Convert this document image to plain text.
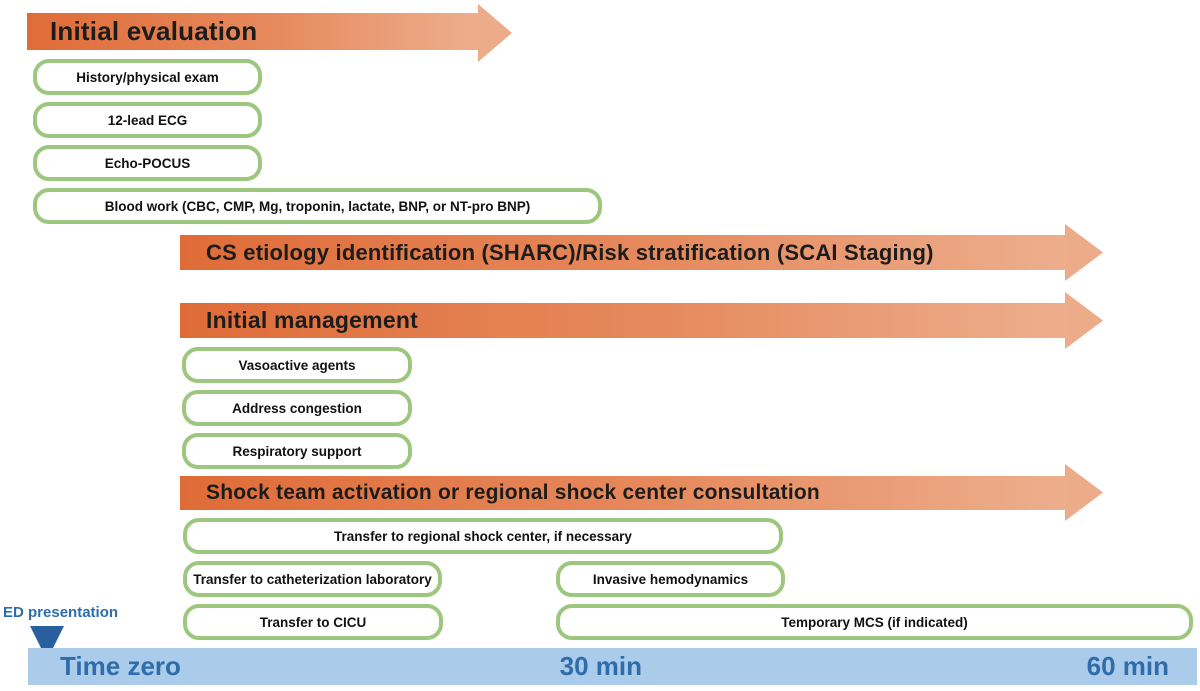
Initial evaluation
History/physical exam
12-lead ECG
Echo-POCUS
Blood work (CBC, CMP, Mg, troponin, lactate, BNP, or NT-pro BNP)
CS etiology identification (SHARC)/Risk stratification (SCAI Staging)
Initial management
Vasoactive agents
Address congestion
Respiratory support
Shock team activation or regional shock center consultation
Transfer to regional shock center, if necessary
Transfer to catheterization laboratory	Invasive hemodynamics
Transfer to CICU	Temporary MCS (if indicated)
ED presentation
Time zero	30 min	60 min
